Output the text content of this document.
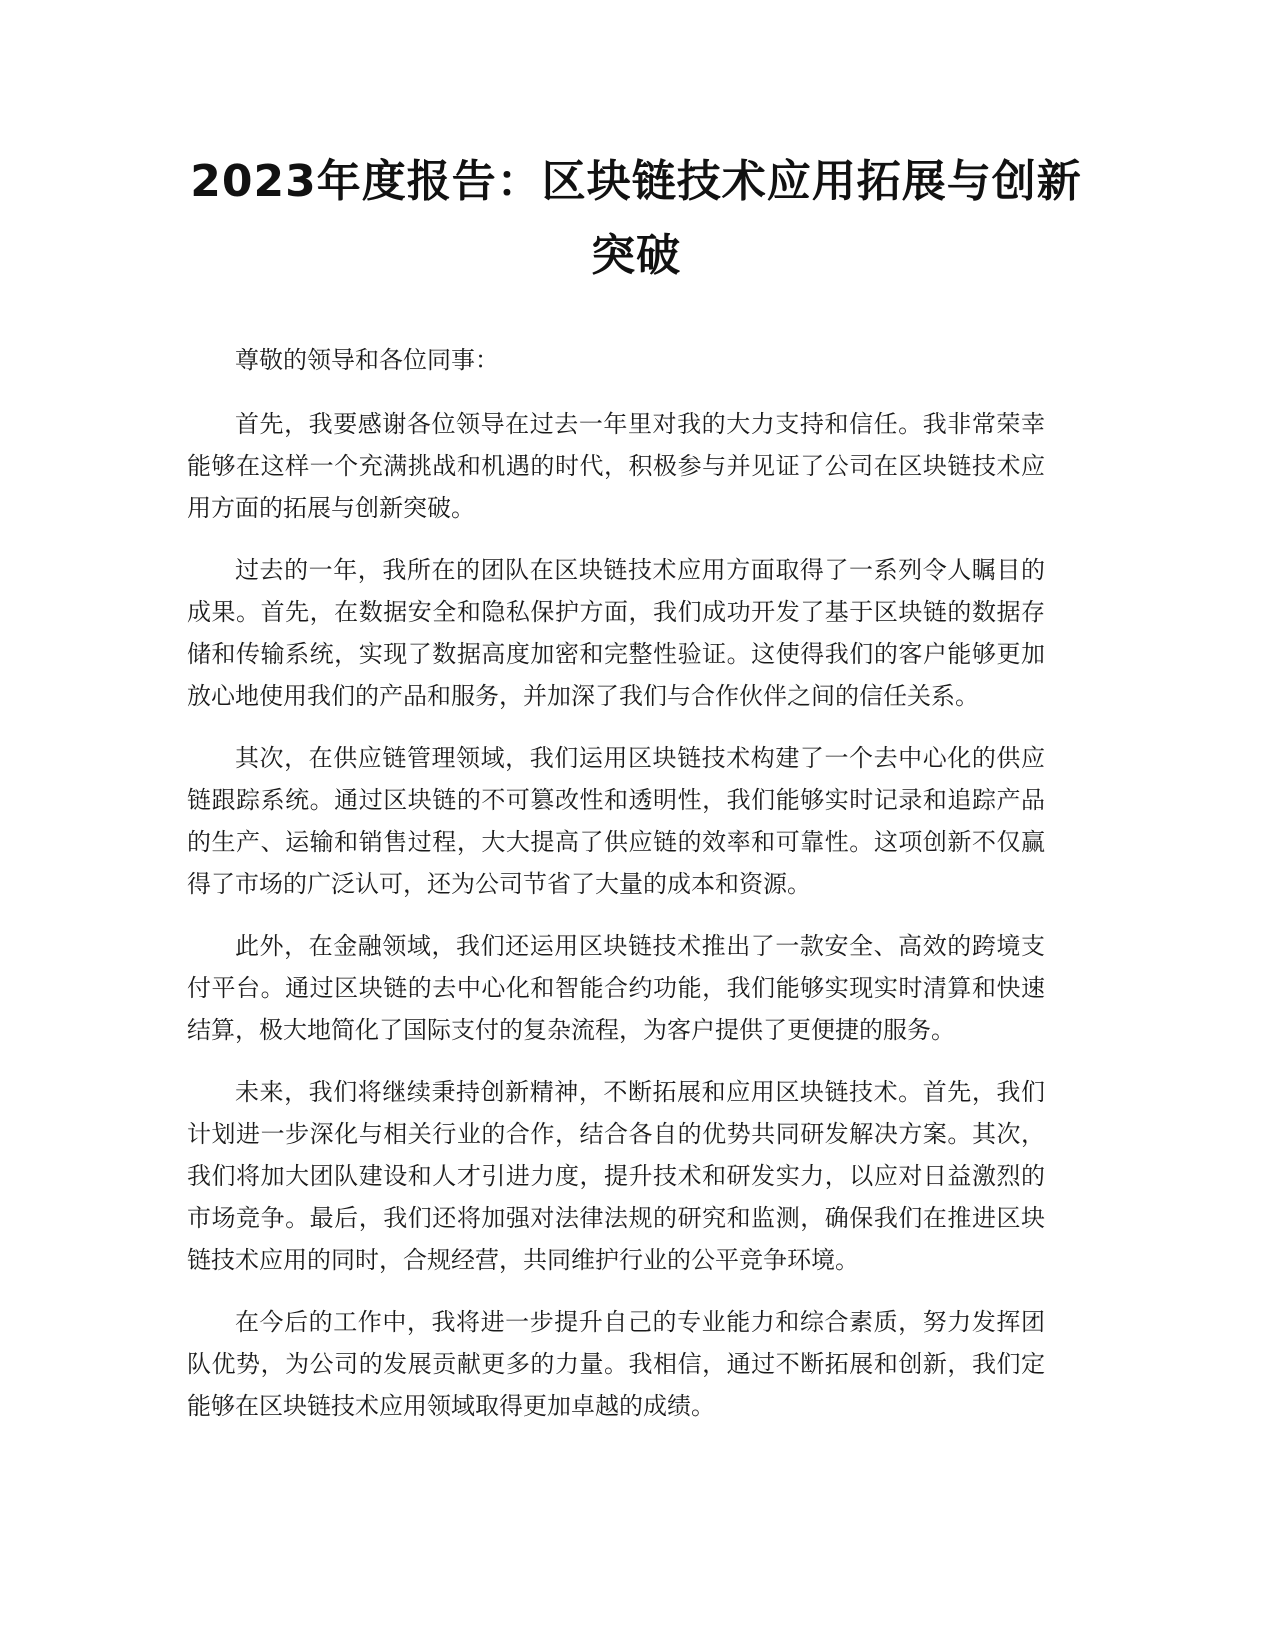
2023年度报告：区块链技术应用拓展与创新突破

尊敬的领导和各位同事：

首先，我要感谢各位领导在过去一年里对我的大力支持和信任。我非常荣幸能够在这样一个充满挑战和机遇的时代，积极参与并见证了公司在区块链技术应用方面的拓展与创新突破。

过去的一年，我所在的团队在区块链技术应用方面取得了一系列令人瞩目的成果。首先，在数据安全和隐私保护方面，我们成功开发了基于区块链的数据存储和传输系统，实现了数据高度加密和完整性验证。这使得我们的客户能够更加放心地使用我们的产品和服务，并加深了我们与合作伙伴之间的信任关系。

其次，在供应链管理领域，我们运用区块链技术构建了一个去中心化的供应链跟踪系统。通过区块链的不可篡改性和透明性，我们能够实时记录和追踪产品的生产、运输和销售过程，大大提高了供应链的效率和可靠性。这项创新不仅赢得了市场的广泛认可，还为公司节省了大量的成本和资源。

此外，在金融领域，我们还运用区块链技术推出了一款安全、高效的跨境支付平台。通过区块链的去中心化和智能合约功能，我们能够实现实时清算和快速结算，极大地简化了国际支付的复杂流程，为客户提供了更便捷的服务。

未来，我们将继续秉持创新精神，不断拓展和应用区块链技术。首先，我们计划进一步深化与相关行业的合作，结合各自的优势共同研发解决方案。其次，我们将加大团队建设和人才引进力度，提升技术和研发实力，以应对日益激烈的市场竞争。最后，我们还将加强对法律法规的研究和监测，确保我们在推进区块链技术应用的同时，合规经营，共同维护行业的公平竞争环境。

在今后的工作中，我将进一步提升自己的专业能力和综合素质，努力发挥团队优势，为公司的发展贡献更多的力量。我相信，通过不断拓展和创新，我们定能够在区块链技术应用领域取得更加卓越的成绩。
